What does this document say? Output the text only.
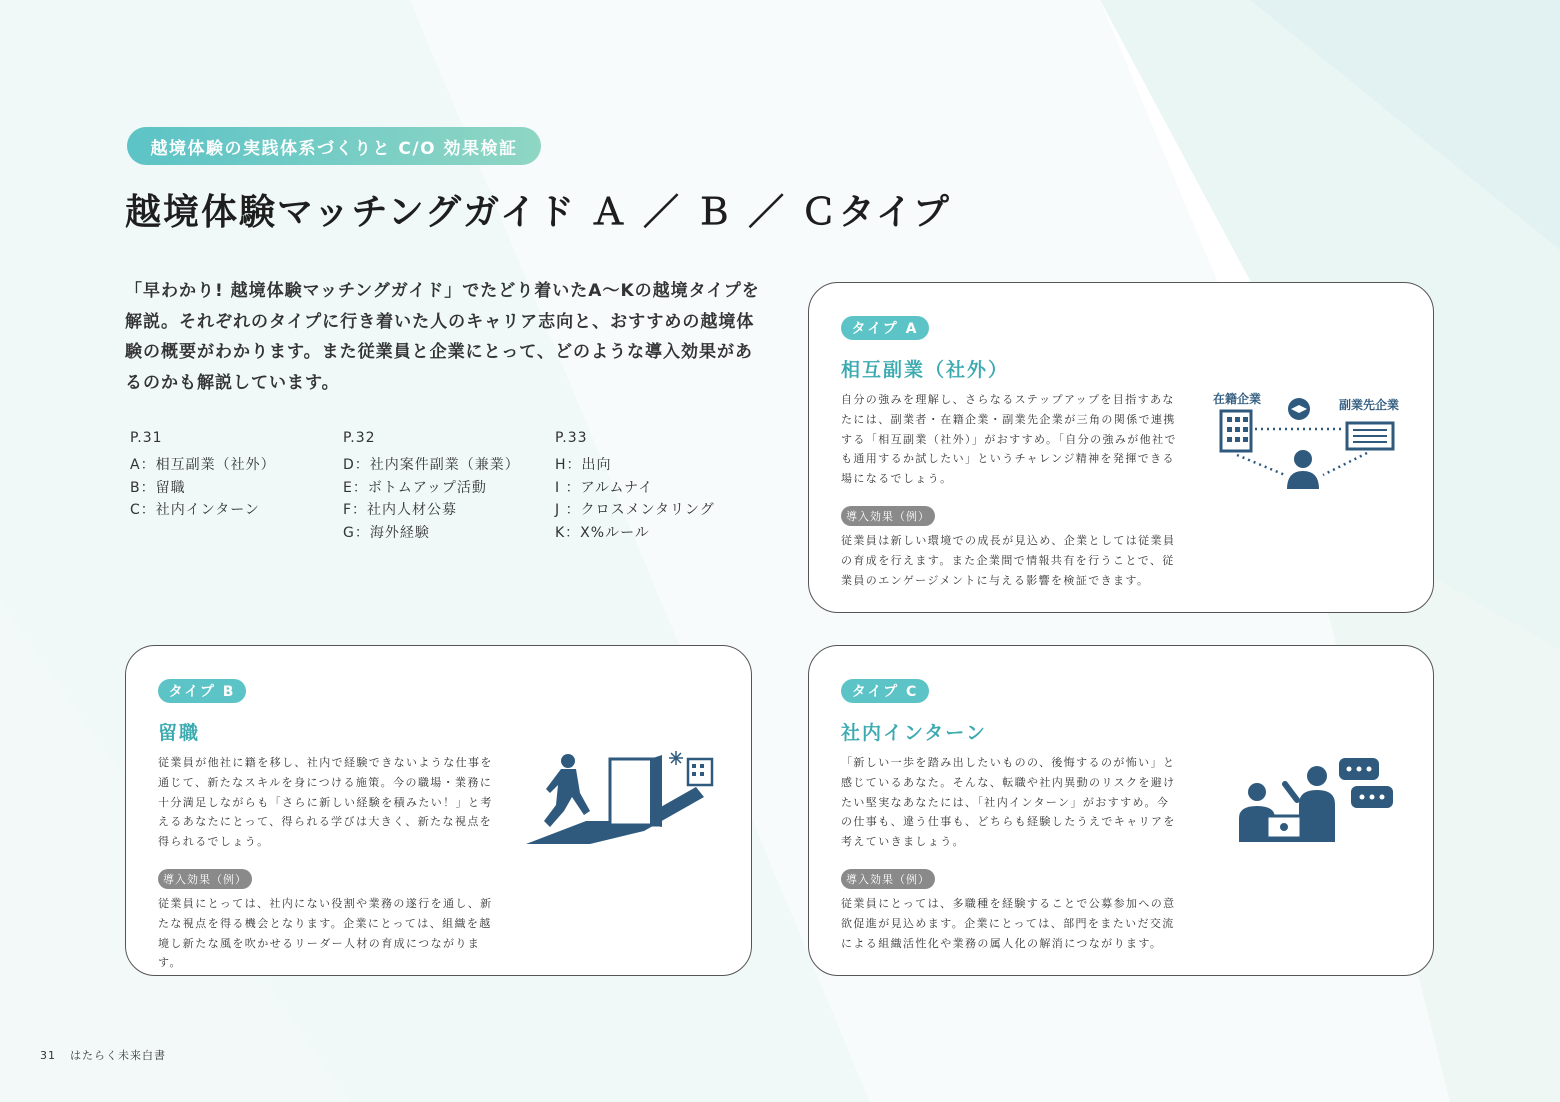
越境体験の実践体系づくりと C/O 効果検証
越境体験マッチングガイド Ａ ／ Ｂ ／ Ｃタイプ
「早わかり! 越境体験マッチングガイド」でたどり着いたA〜Kの越境タイプを解説。それぞれのタイプに行き着いた人のキャリア志向と、おすすめの越境体験の概要がわかります。また従業員と企業にとって、どのような導入効果があるのかも解説しています。
P.31
A：相互副業（社外）
B：留職
C：社内インターン
P.32
D：社内案件副業（兼業）
E：ボトムアップ活動
F：社内人材公募
G：海外経験
P.33
H：出向
I ：アルムナイ
J ：クロスメンタリング
K：X%ルール
タイプ A
相互副業（社外）
自分の強みを理解し、さらなるステップアップを目指すあなたには、副業者・在籍企業・副業先企業が三角の関係で連携する「相互副業（社外）」がおすすめ。「自分の強みが他社でも通用するか試したい」というチャレンジ精神を発揮できる場になるでしょう。
導入効果（例）
従業員は新しい環境での成長が見込め、企業としては従業員の育成を行えます。また企業間で情報共有を行うことで、従業員のエンゲージメントに与える影響を検証できます。
在籍企業	副業先企業
タイプ B
留職
従業員が他社に籍を移し、社内で経験できないような仕事を通じて、新たなスキルを身につける施策。今の職場・業務に十分満足しながらも「さらに新しい経験を積みたい！」と考えるあなたにとって、得られる学びは大きく、新たな視点を得られるでしょう。
導入効果（例）
従業員にとっては、社内にない役割や業務の遂行を通し、新たな視点を得る機会となります。企業にとっては、組織を越境し新たな風を吹かせるリーダー人材の育成につながります。
タイプ C
社内インターン
「新しい一歩を踏み出したいものの、後悔するのが怖い」と感じているあなた。そんな、転職や社内異動のリスクを避けたい堅実なあなたには、「社内インターン」がおすすめ。今の仕事も、違う仕事も、どちらも経験したうえでキャリアを考えていきましょう。
導入効果（例）
従業員にとっては、多職種を経験することで公募参加への意欲促進が見込めます。企業にとっては、部門をまたいだ交流による組織活性化や業務の属人化の解消につながります。
31 はたらく未来白書
